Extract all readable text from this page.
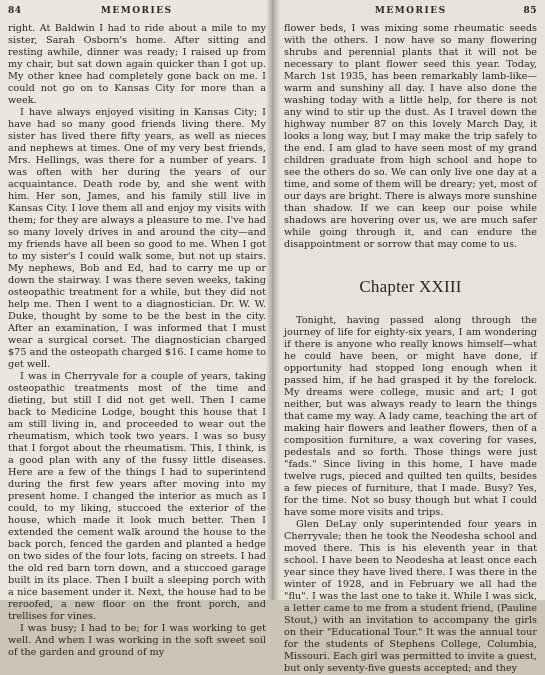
84	MEMORIES

right. At Baldwin I had to ride about a mile to my sister, Sarah Osborn's home. After sitting and resting awhile, dinner was ready; I raised up from my chair, but sat down again quicker than I got up. My other knee had completely gone back on me. I could not go on to Kansas City for more than a week.

I have always enjoyed visiting in Kansas City; I have had so many good friends living there. My sister has lived there fifty years, as well as nieces and nephews at times. One of my very best friends, Mrs. Hellings, was there for a number of years. I was often with her during the years of our acquaintance. Death rode by, and she went with him. Her son, James, and his family still live in Kansas City. I love them all and enjoy my visits with them; for they are always a pleasure to me. I've had so many lovely drives in and around the city—and my friends have all been so good to me. When I got to my sister's I could walk some, but not up stairs. My nephews, Bob and Ed, had to carry me up or down the stairway. I was there seven weeks, taking osteopathic treatment for a while, but they did not help me. Then I went to a diagnostician. Dr. W. W. Duke, thought by some to be the best in the city. After an examination, I was informed that I must wear a surgical corset. The diagnostician charged $75 and the osteopath charged $16. I came home to get well.

I was in Cherryvale for a couple of years, taking osteopathic treatments most of the time and dieting, but still I did not get well. Then I came back to Medicine Lodge, bought this house that I am still living in, and proceeded to wear out the rheumatism, which took two years. I was so busy that I forgot about the rheumatism. This, I think, is a good plan with any of the fussy little diseases. Here are a few of the things I had to superintend during the first few years after moving into my present home. I changed the interior as much as I could, to my liking, stuccoed the exterior of the house, which made it look much better. Then I extended the cement walk around the house to the back porch, fenced the garden and planted a hedge on two sides of the four lots, facing on streets. I had the old red barn torn down, and a stuccoed garage built in its place. Then I built a sleeping porch with a nice basement under it. Next, the house had to be reroofed, a new floor on the front porch, and trellises for vines.

I was busy; I had to be; for I was working to get well. And when I was working in the soft sweet soil of the garden and ground of my

MEMORIES	85

flower beds, I was mixing some rheumatic seeds with the others. I now have so many flowering shrubs and perennial plants that it will not be necessary to plant flower seed this year. Today, March 1st 1935, has been remarkably lamb-like—warm and sunshiny all day. I have also done the washing today with a little help, for there is not any wind to stir up the dust. As I travel down the highway number 87 on this lovely March Day, it looks a long way, but I may make the trip safely to the end. I am glad to have seen most of my grand children graduate from high school and hope to see the others do so. We can only live one day at a time, and some of them will be dreary; yet, most of our days are bright. There is always more sunshine than shadow. If we can keep our poise while shadows are hovering over us, we are much safer while going through it, and can endure the disappointment or sorrow that may come to us.

Chapter XXIII

Tonight, having passed along through the journey of life for eighty-six years, I am wondering if there is anyone who really knows himself—what he could have been, or might have done, if opportunity had stopped long enough when it passed him, if he had grasped it by the forelock. My dreams were college, music and art; I got neither, but was always ready to learn the things that came my way. A lady came, teaching the art of making hair flowers and leather flowers, then of a composition furniture, a wax covering for vases, pedestals and so forth. Those things were just "fads." Since living in this home, I have made twelve rugs, pieced and quilted ten quilts, besides a few pieces of furniture, that I made. Busy? Yes, for the time. Not so busy though but what I could have some more visits and trips.

Glen DeLay only superintended four years in Cherryvale; then he took the Neodesha school and moved there. This is his eleventh year in that school. I have been to Neodesha at least once each year since they have lived there. I was there in the winter of 1928, and in February we all had the "flu". I was the last one to take it. While I was sick, a letter came to me from a student friend, (Pauline Stout,) with an invitation to accompany the girls on their "Educational Tour." It was the annual tour for the students of Stephens College, Columbia, Missouri. Each girl was permitted to invite a guest, but only seventy-five guests accepted; and they
